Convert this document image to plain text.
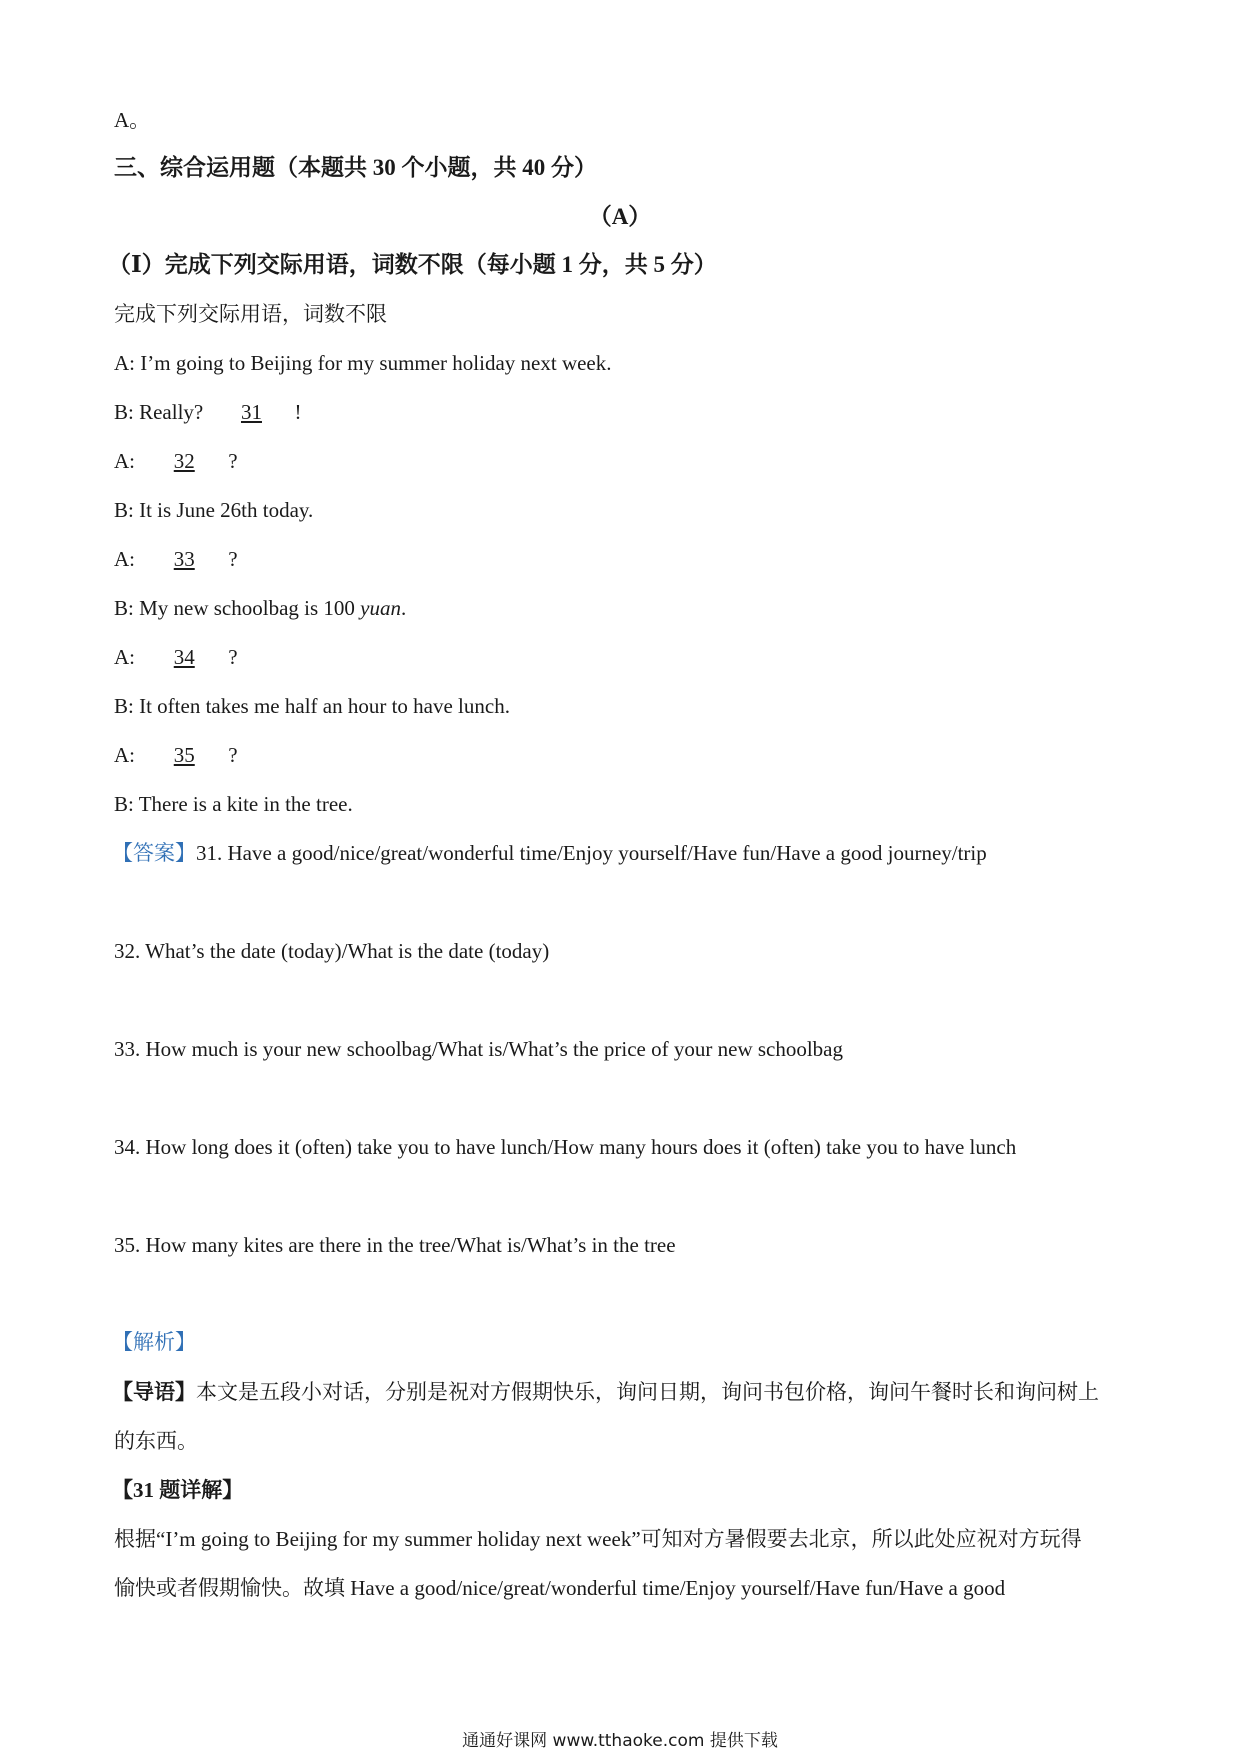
A。
三、综合运用题（本题共 30 个小题，共 40 分）
（A）
（Ⅰ）完成下列交际用语，词数不限（每小题 1 分，共 5 分）
完成下列交际用语，词数不限
A: I’m going to Beijing for my summer holiday next week.
B: Really? 31 !
A: 32 ?
B: It is June 26th today.
A: 33 ?
B: My new schoolbag is 100 yuan.
A: 34 ?
B: It often takes me half an hour to have lunch.
A: 35 ?
B: There is a kite in the tree.
【答案】31. Have a good/nice/great/wonderful time/Enjoy yourself/Have fun/Have a good journey/trip
32. What’s the date (today)/What is the date (today)
33. How much is your new schoolbag/What is/What’s the price of your new schoolbag
34. How long does it (often) take you to have lunch/How many hours does it (often) take you to have lunch
35. How many kites are there in the tree/What is/What’s in the tree
【解析】
【导语】本文是五段小对话，分别是祝对方假期快乐，询问日期，询问书包价格，询问午餐时长和询问树上
的东西。
【31 题详解】
根据“I’m going to Beijing for my summer holiday next week”可知对方暑假要去北京，所以此处应祝对方玩得
愉快或者假期愉快。故填 Have a good/nice/great/wonderful time/Enjoy yourself/Have fun/Have a good
通通好课网 www.tthaoke.com 提供下载
